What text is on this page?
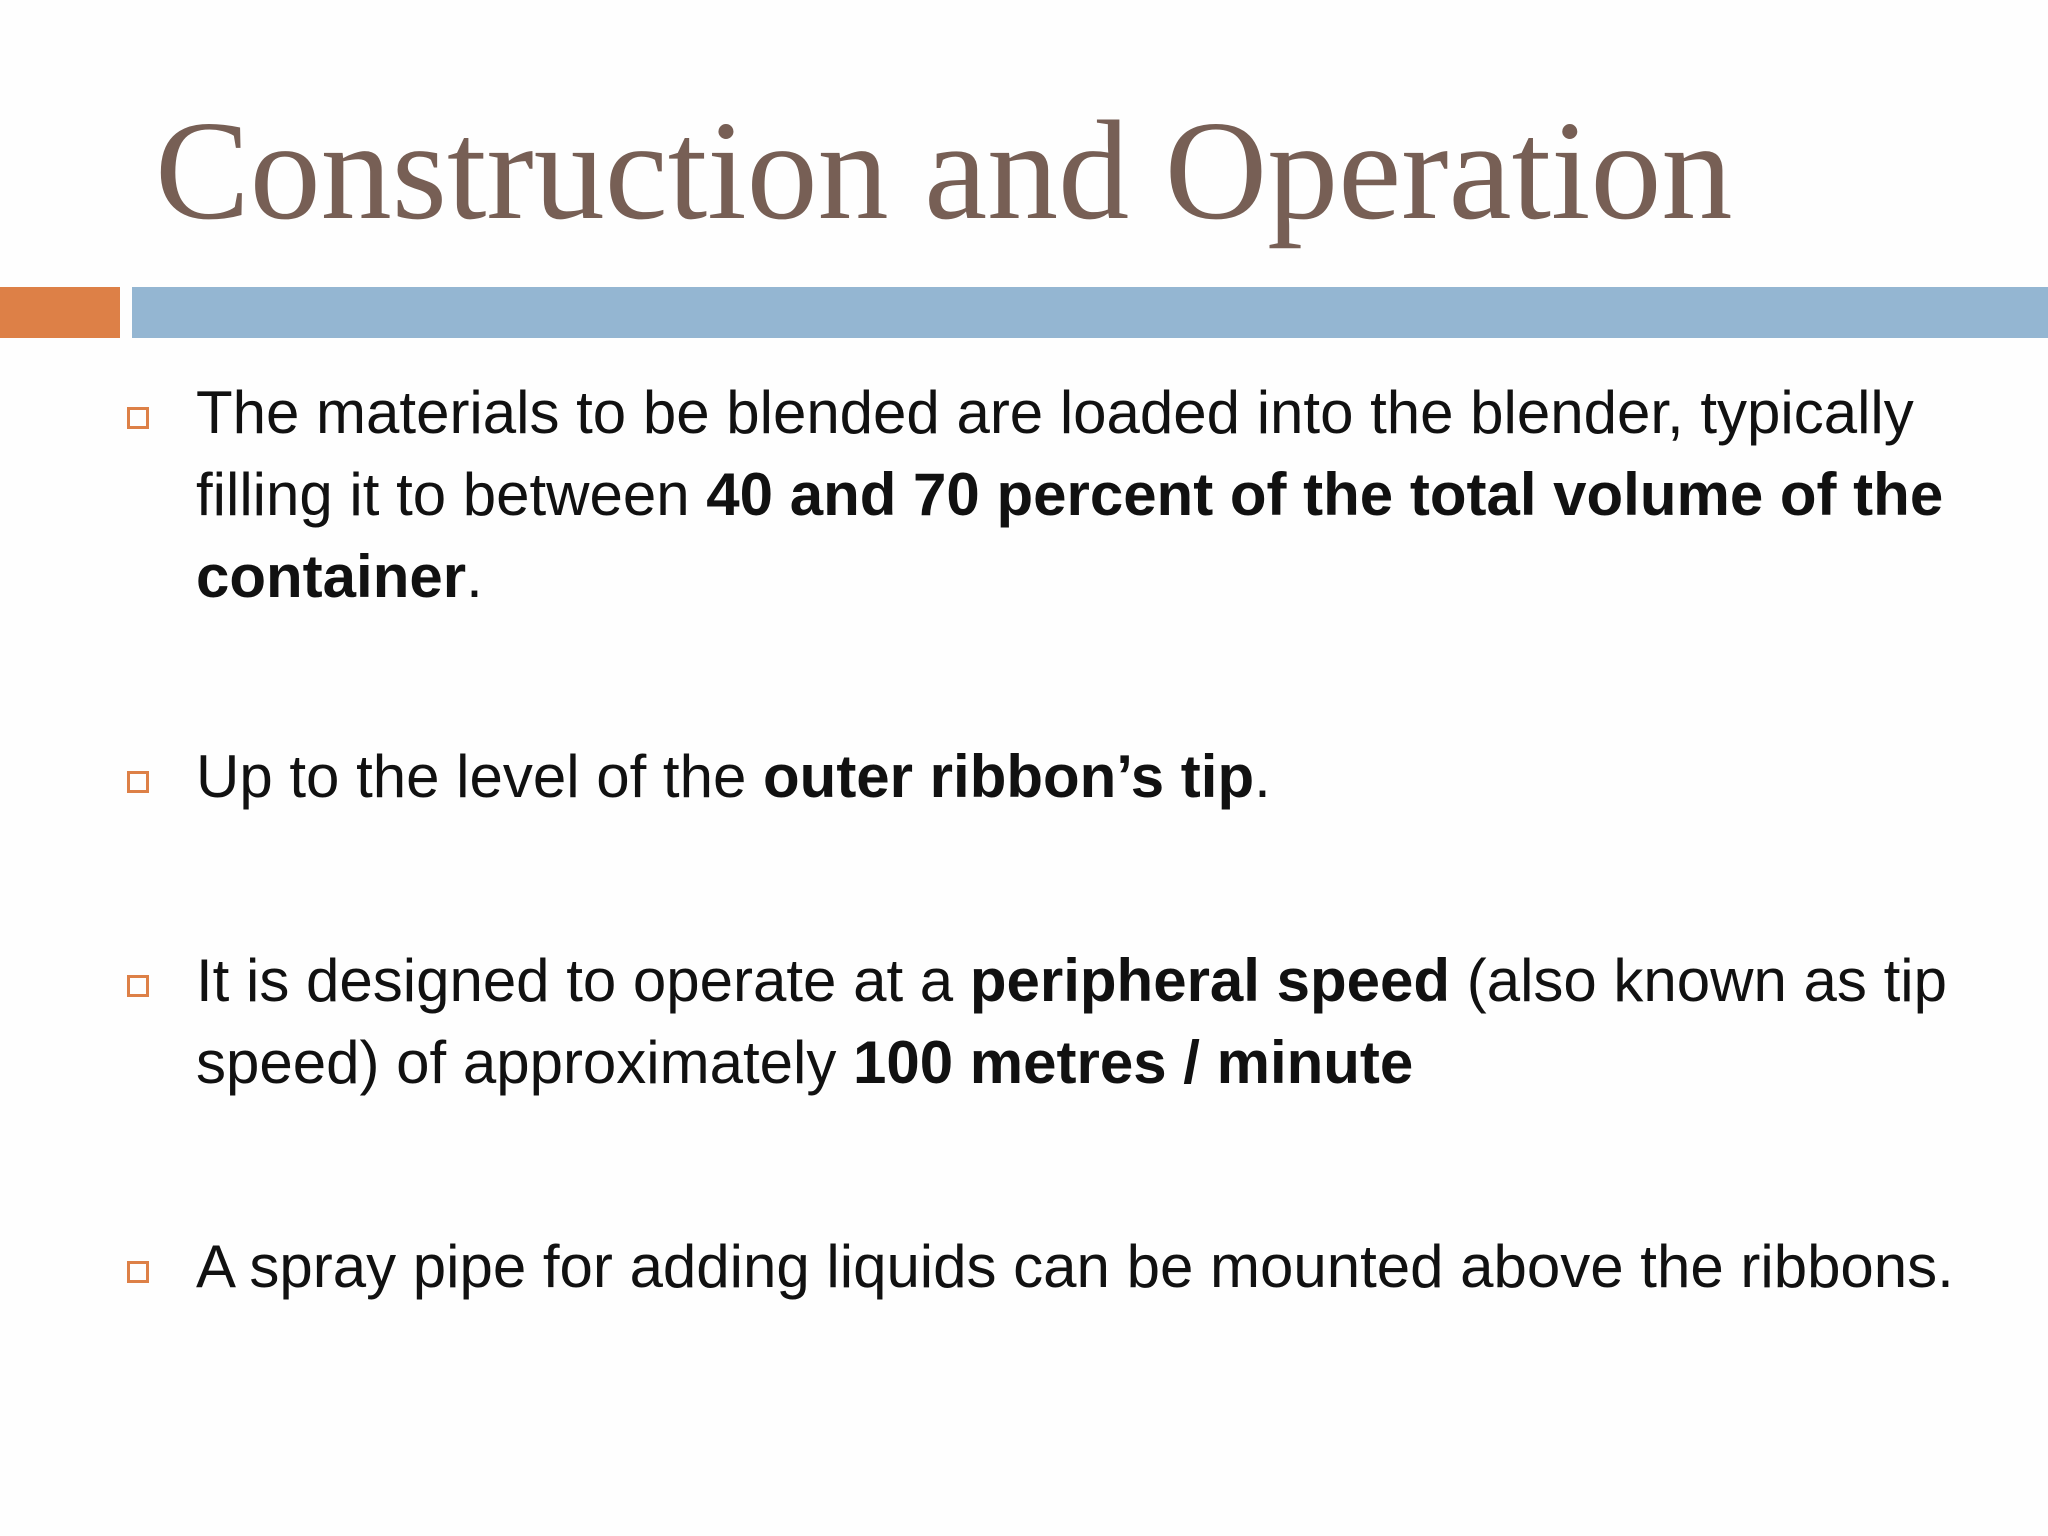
Construction and Operation
The materials to be blended are loaded into the blender, typically filling it to between 40 and 70 percent of the total volume of the container.
Up to the level of the outer ribbon’s tip.
It is designed to operate at a peripheral speed (also known as tip speed) of approximately 100 metres / minute
A spray pipe for adding liquids can be mounted above the ribbons.
